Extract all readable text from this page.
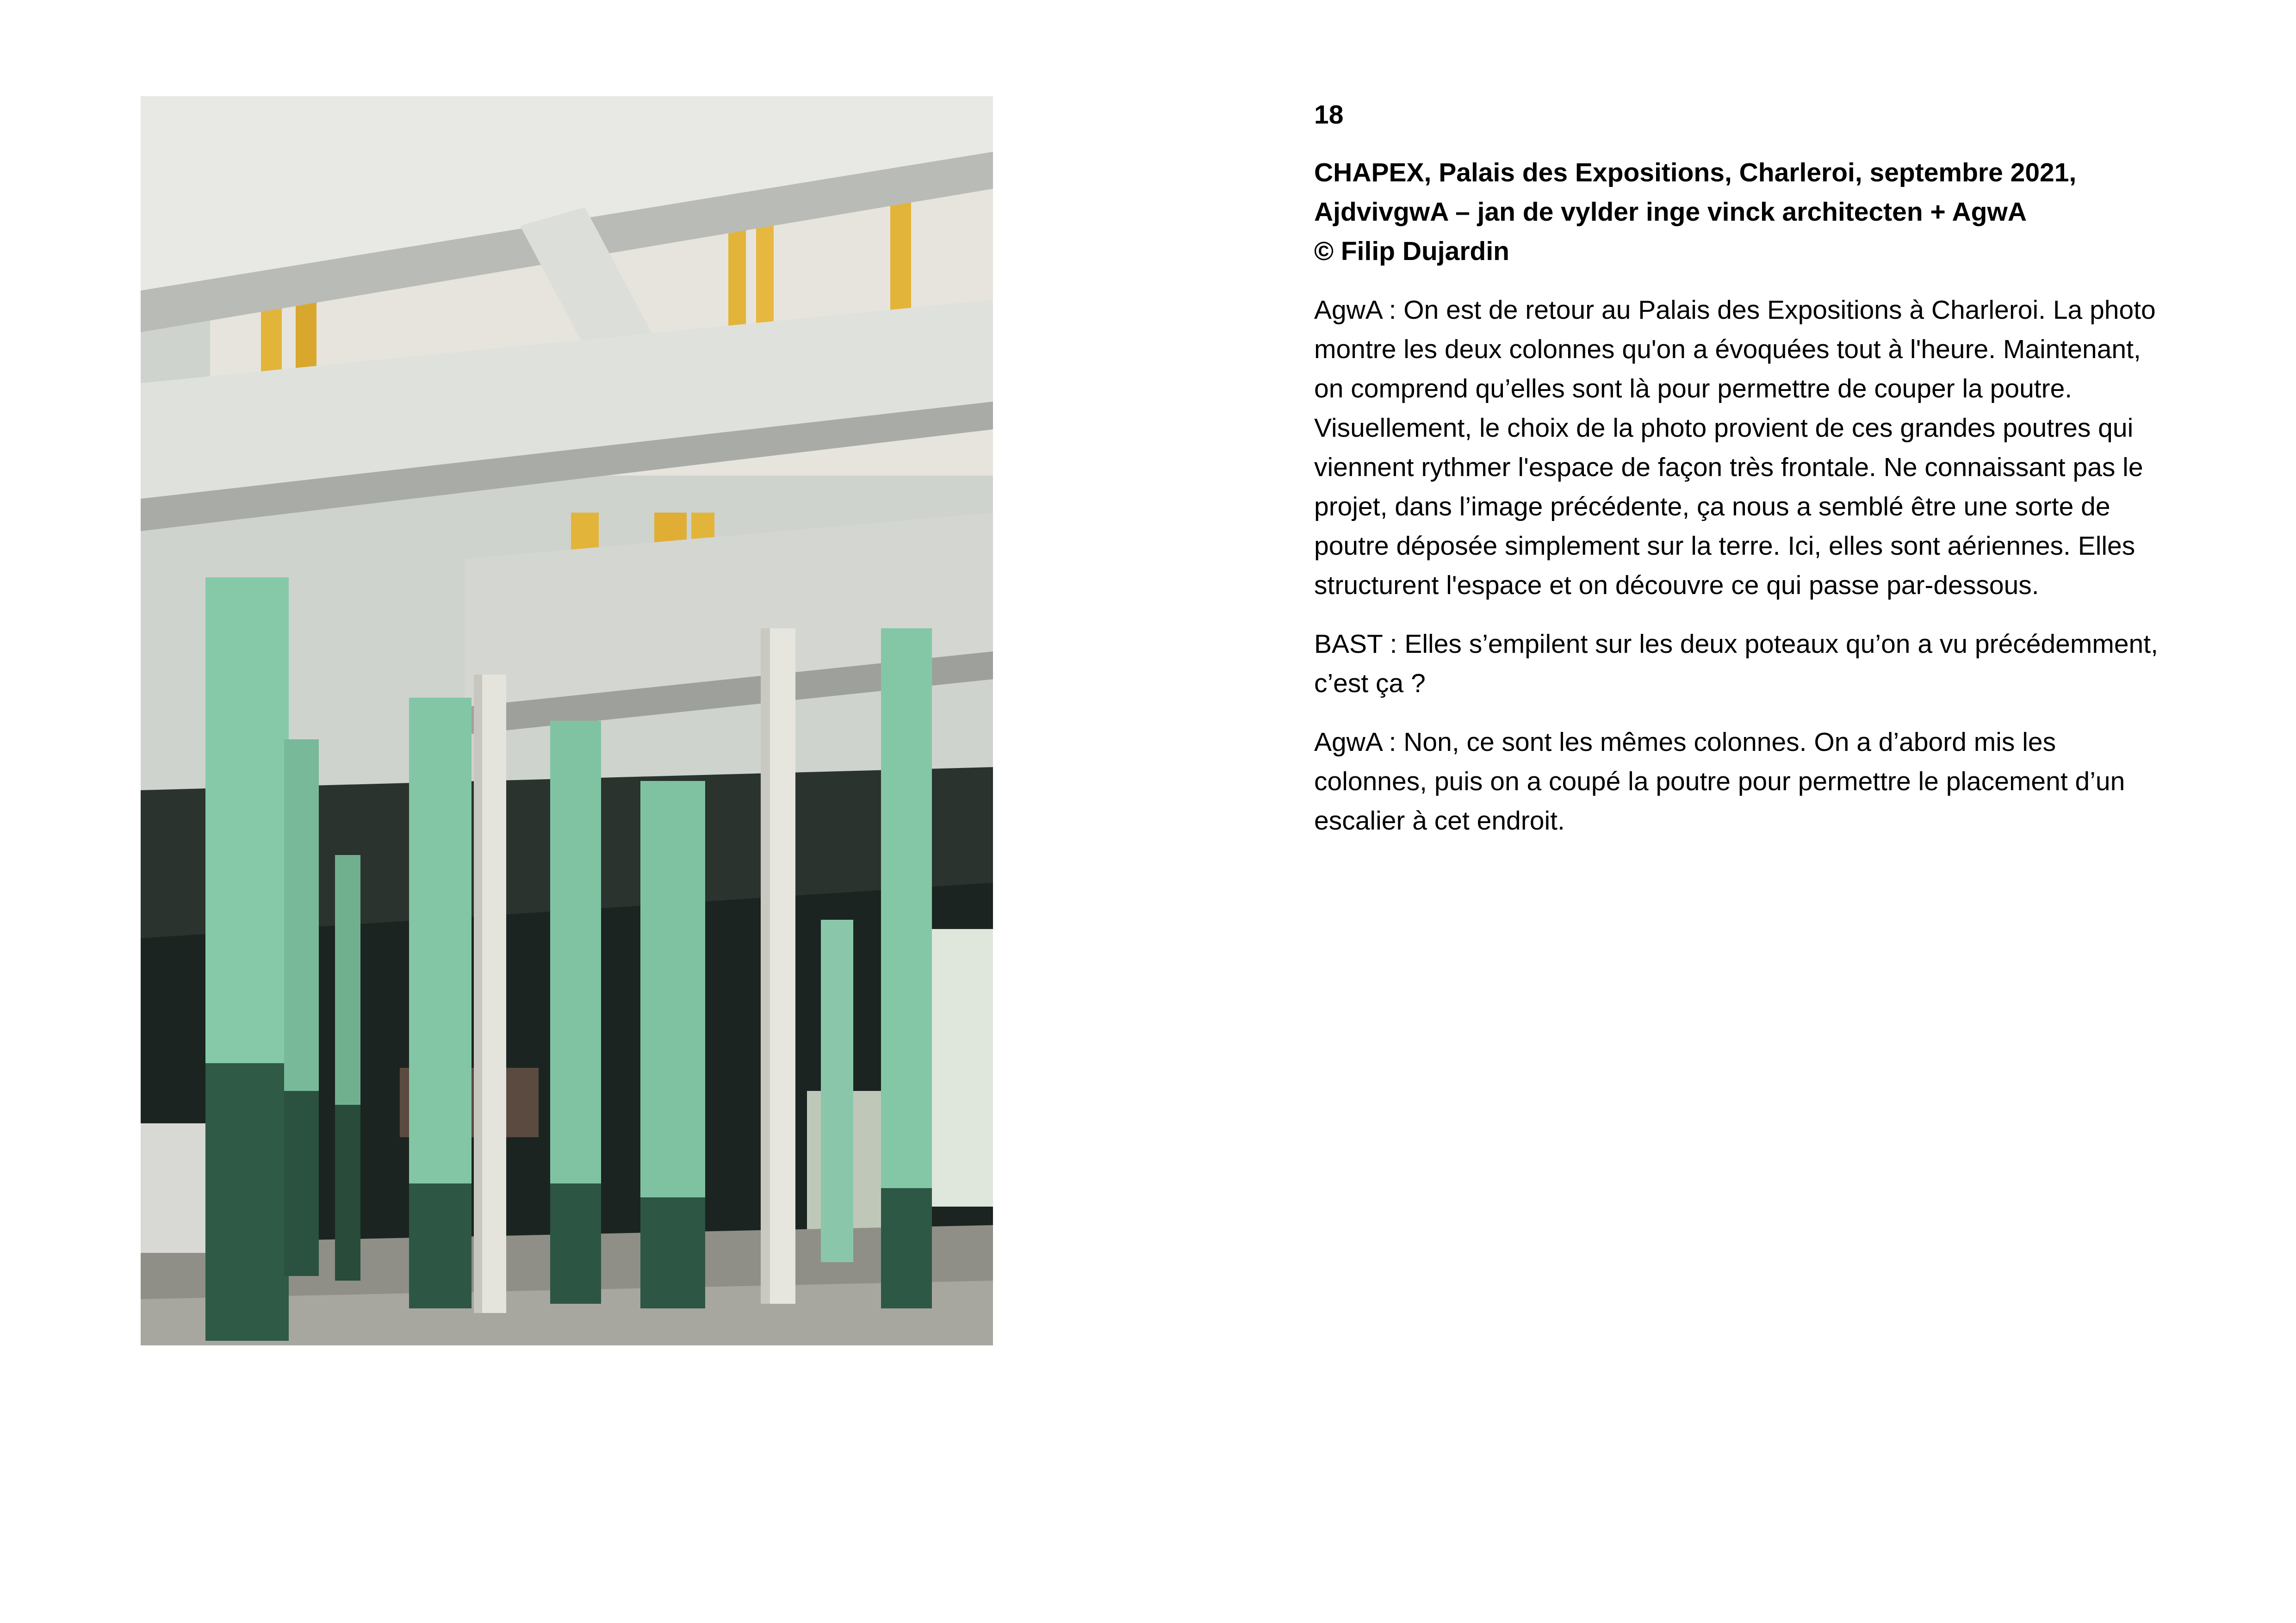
18
CHAPEX, Palais des Expositions, Charleroi, septembre 2021,
AjdvivgwA – jan de vylder inge vinck architecten + AgwA
© Filip Dujardin

AgwA : On est de retour au Palais des Expositions à Charleroi. La photo montre les deux colonnes qu'on a évoquées tout à l'heure. Maintenant, on comprend qu’elles sont là pour permettre de couper la poutre. Visuellement, le choix de la photo provient de ces grandes poutres qui viennent rythmer l'espace de façon très frontale. Ne connaissant pas le projet, dans l’image précédente, ça nous a semblé être une sorte de poutre déposée simplement sur la terre. Ici, elles sont aériennes. Elles structurent l'espace et on découvre ce qui passe par-dessous.

BAST : Elles s’empilent sur les deux poteaux qu’on a vu précédemment, c’est ça ?

AgwA : Non, ce sont les mêmes colonnes. On a d’abord mis les colonnes, puis on a coupé la poutre pour permettre le placement d’un escalier à cet endroit.
